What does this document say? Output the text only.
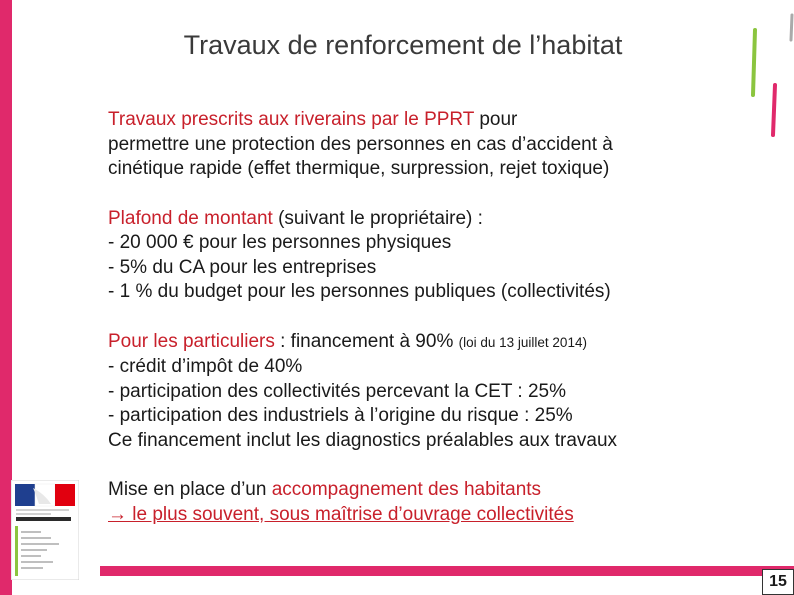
Travaux de renforcement de l’habitat
Travaux prescrits aux riverains par le PPRT pour
permettre une protection des personnes en cas d’accident à
cinétique rapide (effet thermique, surpression, rejet toxique)
Plafond de montant (suivant le propriétaire) :
- 20 000 € pour les personnes physiques
- 5% du CA pour les entreprises
- 1 % du budget pour les personnes publiques (collectivités)
Pour les particuliers : financement à 90% (loi du 13 juillet 2014)
- crédit d’impôt de 40%
- participation des collectivités percevant la CET : 25%
- participation des industriels à l’origine du risque : 25%
Ce financement inclut les diagnostics préalables aux travaux
Mise en place d’un accompagnement des habitants
→ le plus souvent, sous maîtrise d’ouvrage collectivités
15
